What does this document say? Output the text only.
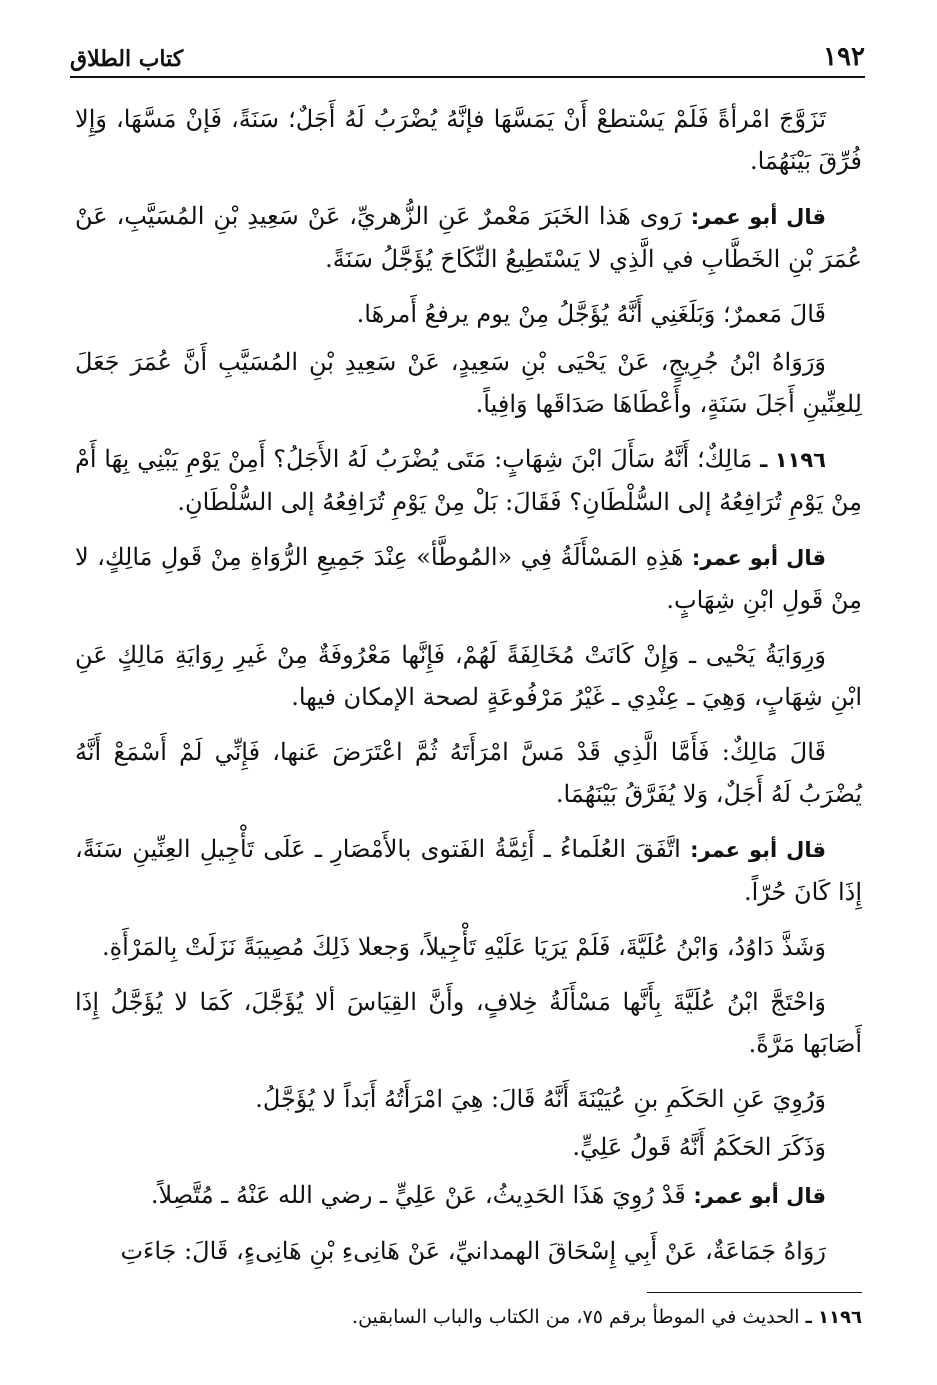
١٩٢
كتاب الطلاق

تَزَوَّجَ امْرأةً فَلَمْ يَسْتطعْ أَنْ يَمَسَّهَا فإنَّهُ يُضْرَبُ لَهُ أَجَلٌ؛ سَنَةً، فَإنْ مَسَّهَا، وَإِلا فُرِّقَ بَيْنَهُمَا.

قال أبو عمر: رَوى هَذا الخَبَرَ مَعْمرٌ عَنِ الزُّهريِّ، عَنْ سَعِيدِ بْنِ المُسَيَّبِ، عَنْ عُمَرَ بْنِ الخَطَّابِ في الَّذِي لا يَسْتَطِيعُ النِّكَاحَ يُؤَجَّلُ سَنَةً.

قَالَ مَعمرٌ؛ وَبَلَغَنِي أَنَّهُ يُؤَجَّلُ مِنْ يوم يرفعُ أَمرهَا.

وَرَوَاهُ ابْنُ جُرِيجٍ، عَنْ يَحْيَى بْنِ سَعِيدٍ، عَنْ سَعِيدِ بْنِ المُسَيَّبِ أَنَّ عُمَرَ جَعَلَ لِلعِنِّينِ أَجَلَ سَنَةٍ، وأَعْطَاهَا صَدَاقَها وَافِياً.

١١٩٦ ـ مَالِكٌ؛ أَنَّهُ سَأَلَ ابْنَ شِهَابٍ: مَتَى يُضْرَبُ لَهُ الأَجَلُ؟ أَمِنْ يَوْمِ يَبْنِي بِهَا أَمْ مِنْ يَوْمِ تُرَافِعُهُ إلى السُّلْطَانِ؟ فَقَالَ: بَلْ مِنْ يَوْمِ تُرَافِعُهُ إلى السُّلْطَانِ.

قال أبو عمر: هَذِهِ المَسْأَلَةُ فِي «المُوطَّأ» عِنْدَ جَمِيعِ الرُّوَاةِ مِنْ قَولِ مَالِكٍ، لا مِنْ قَولِ ابْنِ شِهَابٍ.

وَرِوَايَةُ يَحْيى ـ وَإِنْ كَانَتْ مُخَالِفَةً لَهُمْ، فَإِنَّها مَعْرُوفَةٌ مِنْ غَيرِ رِوَايَةِ مَالِكٍ عَنِ ابْنِ شِهَابٍ، وَهِيَ ـ عِنْدِي ـ غَيْرُ مَرْفُوعَةٍ لصحة الإمكان فيها.

قَالَ مَالِكٌ: فَأَمَّا الَّذِي قَدْ مَسَّ امْرَأَتَهُ ثُمَّ اعْتَرَضَ عَنها، فَإِنِّي لَمْ أَسْمَعْ أَنَّهُ يُضْرَبُ لَهُ أَجَلٌ، وَلا يُفَرَّقُ بَيْنَهُمَا.

قال أبو عمر: اتَّفَقَ العُلَماءُ ـ أَئِمَّةُ الفَتوى بالأَمْصَارِ ـ عَلَى تَأْجِيلِ العِنِّينِ سَنَةً، إِذَا كَانَ حُرّاً.

وَشَذَّ دَاوُدُ، وَابْنُ عُلَيَّةَ، فَلَمْ يَرَيَا عَلَيْهِ تَأْجِيلاً، وَجعلا ذَلِكَ مُصِيبَةً نَزَلَتْ بِالمَرْأَةِ.

وَاحْتَجَّ ابْنُ عُلَيَّةَ بِأَنَّها مَسْأَلَةُ خِلافٍ، وأَنَّ القِيَاسَ ألا يُؤَجَّلَ، كَمَا لا يُؤَجَّلُ إِذَا أَصَابَها مَرَّةً.

وَرُوِيَ عَنِ الحَكَمِ بنِ عُيَيْنَةَ أَنَّهُ قَالَ: هِيَ امْرَأَتُهُ أَبَداً لا يُؤَجَّلُ.

وَذَكَرَ الحَكَمُ أَنَّهُ قَولُ عَلِيٍّ.

قال أبو عمر: قَدْ رُوِيَ هَذَا الحَدِيثُ، عَنْ عَلِيٍّ ـ رضي الله عَنْهُ ـ مُتَّصِلاً.

رَوَاهُ جَمَاعَةٌ، عَنْ أَبِي إِسْحَاقَ الهمدانيِّ، عَنْ هَانِىءِ بْنِ هَانِىءٍ، قَالَ: جَاءَتِ

١١٩٦ ـ الحديث في الموطأ برقم ٧٥، من الكتاب والباب السابقين.
